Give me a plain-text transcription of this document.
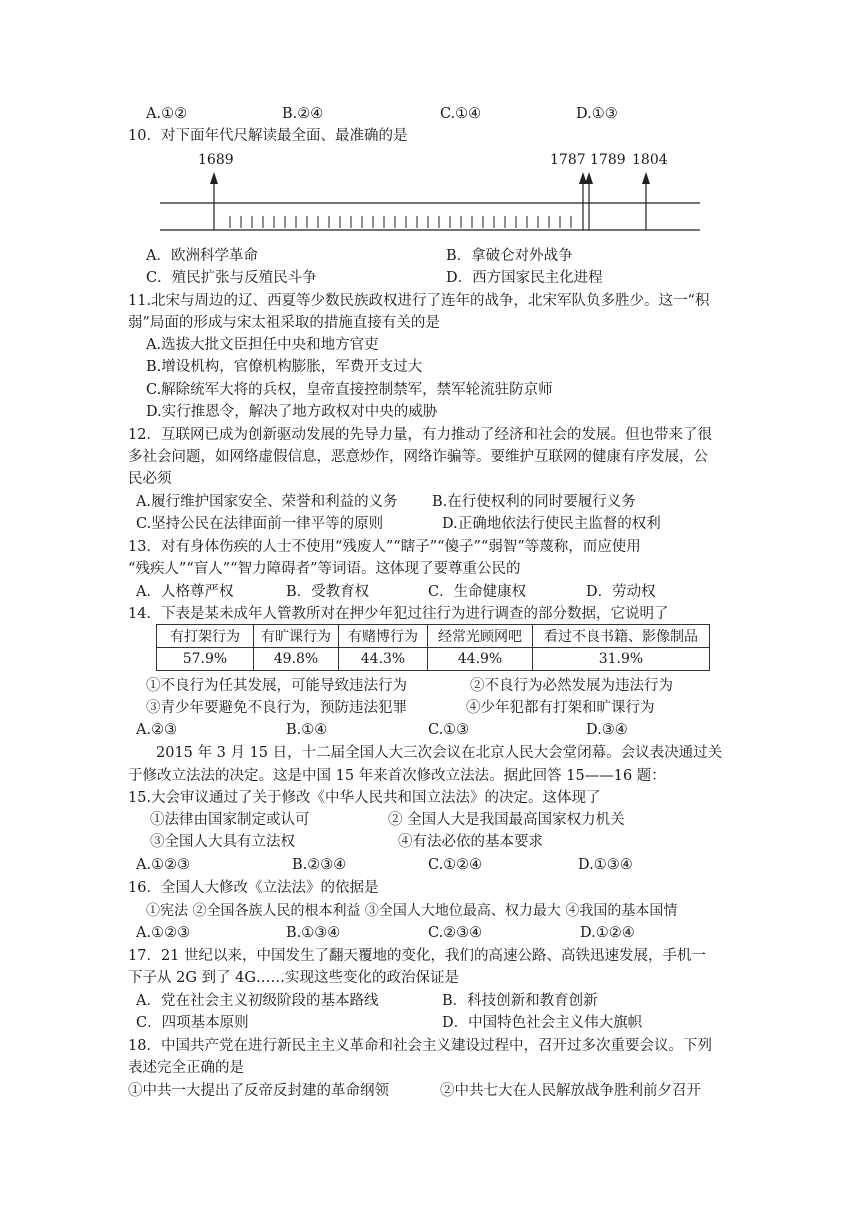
A.①②	B.②④	C.①④	D.①③
10．对下面年代尺解读最全面、最准确的是
1689	1787 1789 1804
A．欧洲科学革命	B．拿破仑对外战争
C．殖民扩张与反殖民斗争	D．西方国家民主化进程
11.北宋与周边的辽、西夏等少数民族政权进行了连年的战争，北宋军队负多胜少。这一“积
弱”局面的形成与宋太祖采取的措施直接有关的是
A.选拔大批文臣担任中央和地方官吏
B.增设机构，官僚机构膨胀，军费开支过大
C.解除统军大将的兵权，皇帝直接控制禁军，禁军轮流驻防京师
D.实行推恩令，解决了地方政权对中央的威胁
12．互联网已成为创新驱动发展的先导力量，有力推动了经济和社会的发展。但也带来了很
多社会问题，如网络虚假信息，恶意炒作，网络诈骗等。要维护互联网的健康有序发展，公
民必须
A.履行维护国家安全、荣誉和利益的义务 B.在行使权利的同时要履行义务
C.坚持公民在法律面前一律平等的原则	D.正确地依法行使民主监督的权利
13．对有身体伤疾的人士不使用“残废人”“瞎子”“傻子”“弱智”等蔑称，而应使用
“残疾人”“盲人”“智力障碍者”等词语。这体现了要尊重公民的
A．人格尊严权	B．受教育权	C．生命健康权	D．劳动权
14．下表是某未成年人管教所对在押少年犯过往行为进行调查的部分数据，它说明了
有打架行为	有旷课行为	有赌博行为	经常光顾网吧	看过不良书籍、影像制品
57.9%	49.8%	44.3%	44.9%	31.9%
①不良行为任其发展，可能导致违法行为	②不良行为必然发展为违法行为
③青少年要避免不良行为，预防违法犯罪	④少年犯都有打架和旷课行为
A.②③	B.①④	C.①③	D.③④
2015 年 3 月 15 日，十二届全国人大三次会议在北京人民大会堂闭幕。会议表决通过关
于修改立法法的决定。这是中国 15 年来首次修改立法法。据此回答 15——16 题：
15.大会审议通过了关于修改《中华人民共和国立法法》的决定。这体现了
①法律由国家制定或认可	② 全国人大是我国最高国家权力机关
③全国人大具有立法权	④有法必依的基本要求
A.①②③	B.②③④	C.①②④	D.①③④
16．全国人大修改《立法法》的依据是
①宪法 ②全国各族人民的根本利益 ③全国人大地位最高、权力最大 ④我国的基本国情
A.①②③	B.①③④	C.②③④	D.①②④
17．21 世纪以来，中国发生了翻天覆地的变化，我们的高速公路、高铁迅速发展，手机一
下子从 2G 到了 4G……实现这些变化的政治保证是
A．党在社会主义初级阶段的基本路线	B．科技创新和教育创新
C．四项基本原则	D．中国特色社会主义伟大旗帜
18．中国共产党在进行新民主主义革命和社会主义建设过程中，召开过多次重要会议。下列
表述完全正确的是
①中共一大提出了反帝反封建的革命纲领	②中共七大在人民解放战争胜利前夕召开
